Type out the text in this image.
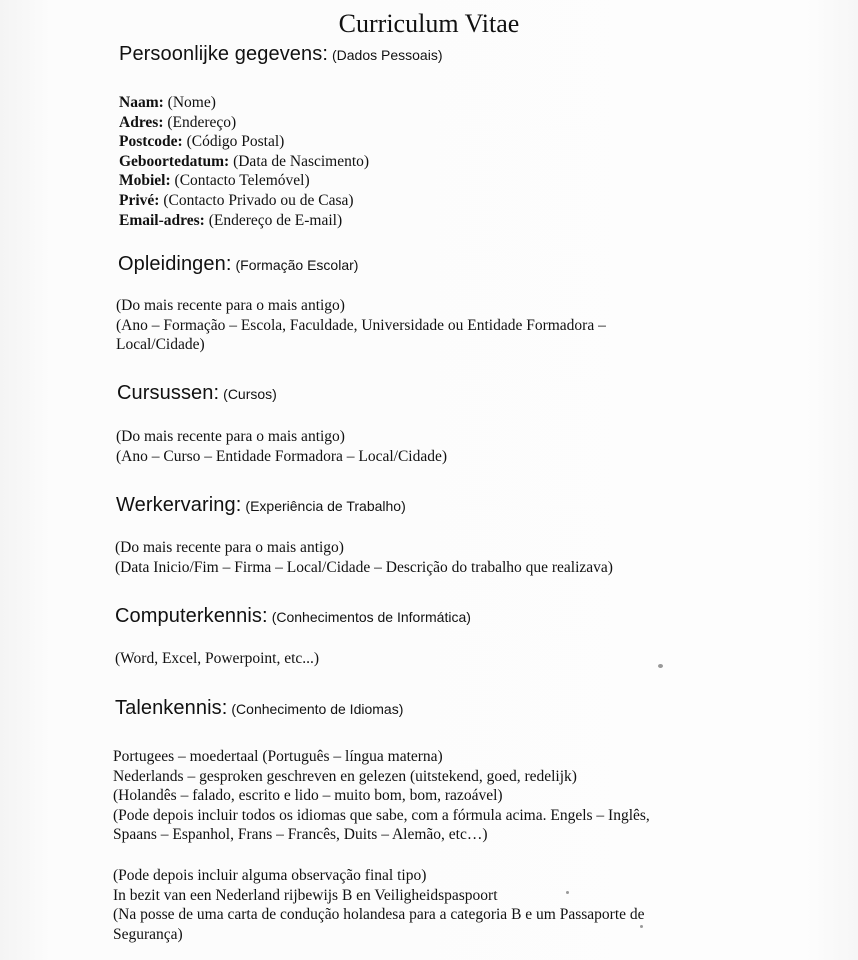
Curriculum Vitae
Persoonlijke gegevens: (Dados Pessoais)
Naam: (Nome)
Adres: (Endereço)
Postcode: (Código Postal)
Geboortedatum: (Data de Nascimento)
Mobiel: (Contacto Telemóvel)
Privé: (Contacto Privado ou de Casa)
Email-adres: (Endereço de E-mail)
Opleidingen: (Formação Escolar)
(Do mais recente para o mais antigo)
(Ano – Formação – Escola, Faculdade, Universidade ou Entidade Formadora –
Local/Cidade)
Cursussen: (Cursos)
(Do mais recente para o mais antigo)
(Ano – Curso – Entidade Formadora – Local/Cidade)
Werkervaring: (Experiência de Trabalho)
(Do mais recente para o mais antigo)
(Data Inicio/Fim – Firma – Local/Cidade – Descrição do trabalho que realizava)
Computerkennis: (Conhecimentos de Informática)
(Word, Excel, Powerpoint, etc...)
Talenkennis: (Conhecimento de Idiomas)
Portugees – moedertaal (Português – língua materna)
Nederlands – gesproken geschreven en gelezen (uitstekend, goed, redelijk)
(Holandês – falado, escrito e lido – muito bom, bom, razoável)
(Pode depois incluir todos os idiomas que sabe, com a fórmula acima. Engels – Inglês,
Spaans – Espanhol, Frans – Francês, Duits – Alemão, etc…)
(Pode depois incluir alguma observação final tipo)
In bezit van een Nederland rijbewijs B en Veiligheidspaspoort
(Na posse de uma carta de condução holandesa para a categoria B e um Passaporte de
Segurança)
